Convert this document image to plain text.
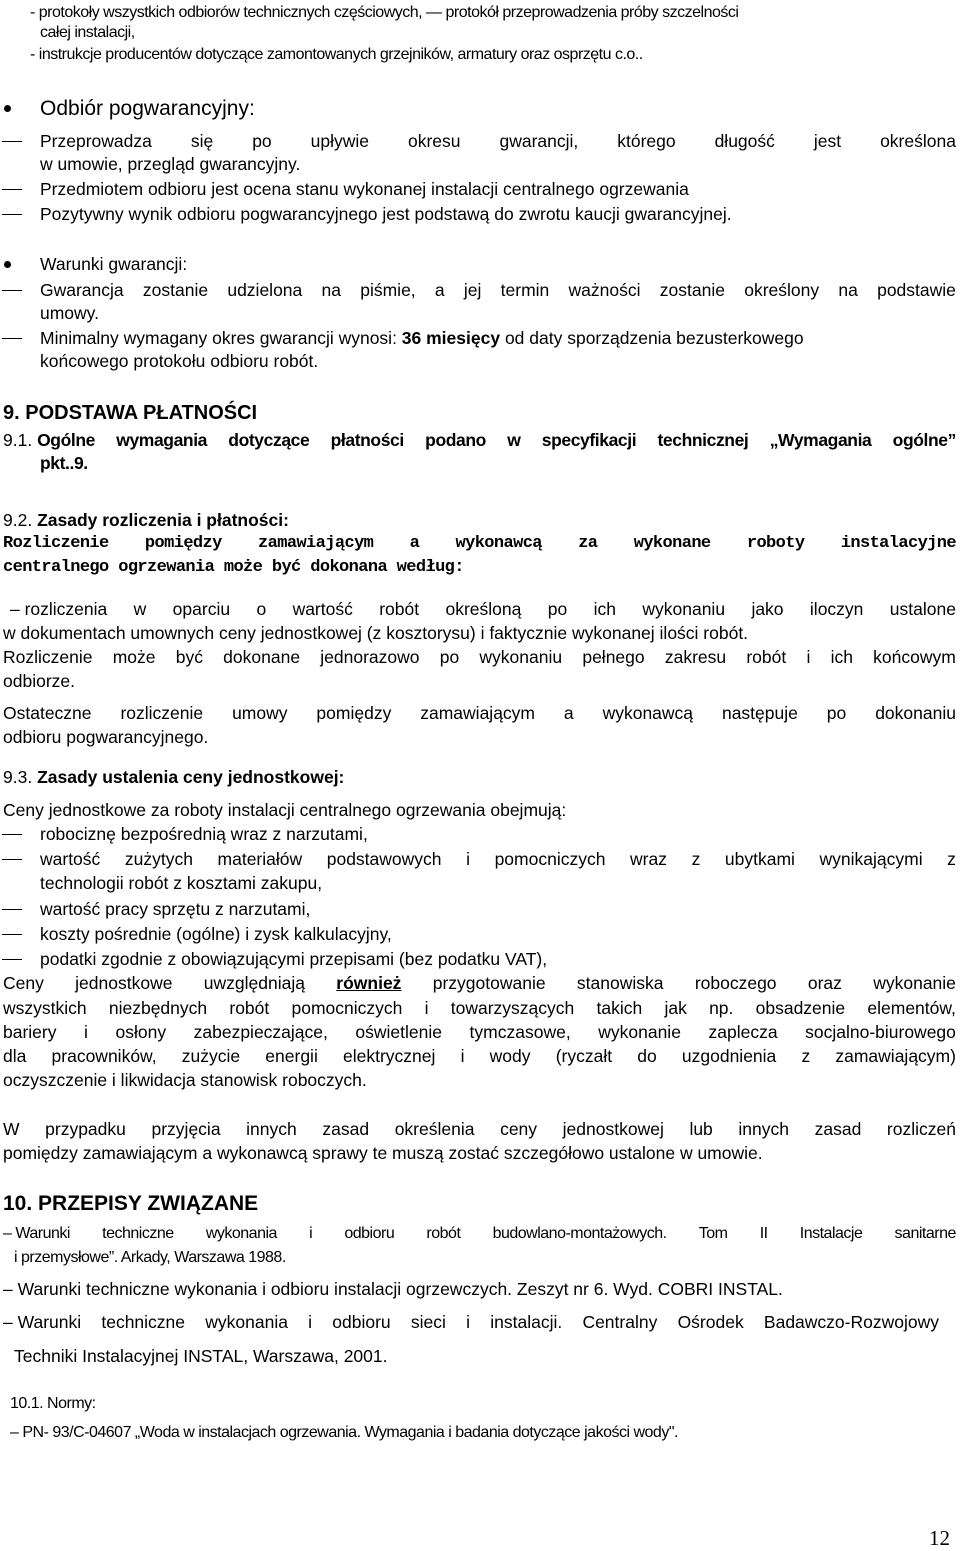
- protokoły wszystkich odbiorów technicznych częściowych, — protokół przeprowadzenia próby szczelności
całej instalacji,
- instrukcje producentów dotyczące zamontowanych grzejników, armatury oraz osprzętu c.o..
Odbiór pogwarancyjny:
Przeprowadza się po upływie okresu gwarancji, którego długość jest określona
w umowie, przegląd gwarancyjny.
Przedmiotem odbioru jest ocena stanu wykonanej instalacji centralnego ogrzewania
Pozytywny wynik odbioru pogwarancyjnego jest podstawą do zwrotu kaucji gwarancyjnej.
Warunki gwarancji:
Gwarancja zostanie udzielona na piśmie, a jej termin ważności zostanie określony na podstawie
umowy.
Minimalny wymagany okres gwarancji wynosi: 36 miesięcy od daty sporządzenia bezusterkowego
końcowego protokołu odbioru robót.
9. PODSTAWA PŁATNOŚCI
9.1. Ogólne wymagania dotyczące płatności podano w specyfikacji technicznej „Wymagania ogólne”
pkt..9.
9.2. Zasady rozliczenia i płatności:
Rozliczenie pomiędzy zamawiającym a wykonawcą za wykonane roboty instalacyjne
centralnego ogrzewania może być dokonana według:
– rozliczenia w oparciu o wartość robót określoną po ich wykonaniu jako iloczyn ustalone
w dokumentach umownych ceny jednostkowej (z kosztorysu) i faktycznie wykonanej ilości robót.
Rozliczenie może być dokonane jednorazowo po wykonaniu pełnego zakresu robót i ich końcowym
odbiorze.
Ostateczne rozliczenie umowy pomiędzy zamawiającym a wykonawcą następuje po dokonaniu
odbioru pogwarancyjnego.
9.3. Zasady ustalenia ceny jednostkowej:
Ceny jednostkowe za roboty instalacji centralnego ogrzewania obejmują:
robociznę bezpośrednią wraz z narzutami,
wartość zużytych materiałów podstawowych i pomocniczych wraz z ubytkami wynikającymi z
technologii robót z kosztami zakupu,
wartość pracy sprzętu z narzutami,
koszty pośrednie (ogólne) i zysk kalkulacyjny,
podatki zgodnie z obowiązującymi przepisami (bez podatku VAT),
Ceny jednostkowe uwzględniają również przygotowanie stanowiska roboczego oraz wykonanie
wszystkich niezbędnych robót pomocniczych i towarzyszących takich jak np. obsadzenie elementów,
bariery i osłony zabezpieczające, oświetlenie tymczasowe, wykonanie zaplecza socjalno-biurowego
dla pracowników, zużycie energii elektrycznej i wody (ryczałt do uzgodnienia z zamawiającym)
oczyszczenie i likwidacja stanowisk roboczych.
W przypadku przyjęcia innych zasad określenia ceny jednostkowej lub innych zasad rozliczeń
pomiędzy zamawiającym a wykonawcą sprawy te muszą zostać szczegółowo ustalone w umowie.
10. PRZEPISY ZWIĄZANE
– Warunki techniczne wykonania i odbioru robót budowlano-montażowych. Tom II Instalacje sanitarne
i przemysłowe”. Arkady, Warszawa 1988.
– Warunki techniczne wykonania i odbioru instalacji ogrzewczych. Zeszyt nr 6. Wyd. COBRI INSTAL.
– Warunki techniczne wykonania i odbioru sieci i instalacji. Centralny Ośrodek Badawczo-Rozwojowy
Techniki Instalacyjnej INSTAL, Warszawa, 2001.
10.1. Normy:
– PN- 93/C-04607 „Woda w instalacjach ogrzewania. Wymagania i badania dotyczące jakości wody".
12
